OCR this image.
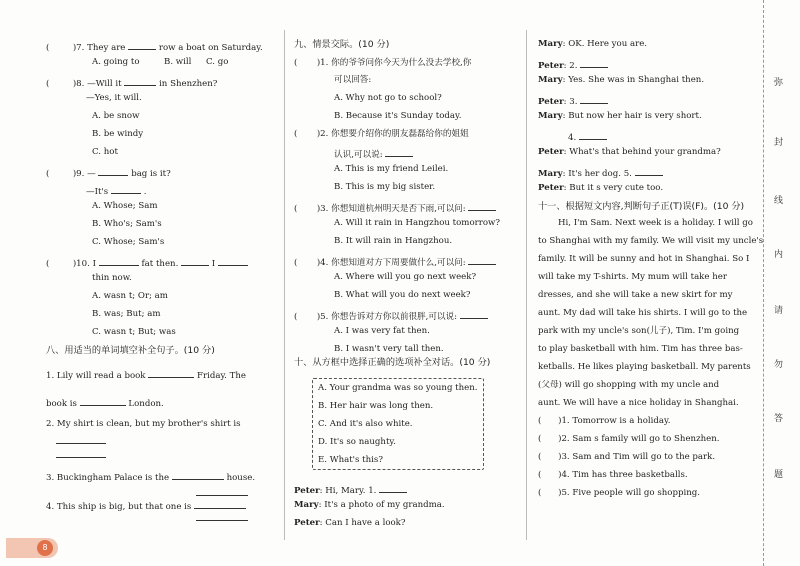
(	)7. They are	row a boat on Saturday.
A. going to	B. will C. go
(	)8. —Will it	in Shenzhen?
—Yes, it will.
A. be snow
B. be windy
C. hot
(	)9. —	bag is it?
—It's	.
A. Whose; Sam
B. Who's; Sam's
C. Whose; Sam's
(	)10. I	fat then.	I
thin now.
A. wasn t; Or; am
B. was; But; am
C. wasn t; But; was
八、用适当的单词填空补全句子。(10 分)
1. Lily will read a book	Friday. The
book is	London.
2. My shirt is clean, but my brother's shirt is

3. Buckingham Palace is the	house.
4. This ship is big, but that one is
8
九、情景交际。(10 分)
( )1. 你的爷爷问你今天为什么没去学校,你
可以回答:
A. Why not go to school?
B. Because it's Sunday today.
( )2. 你想要介绍你的朋友磊磊给你的姐姐
认识,可以说:
A. This is my friend Leilei.
B. This is my big sister.
( )3. 你想知道杭州明天是否下雨,可以问:
A. Will it rain in Hangzhou tomorrow?
B. It will rain in Hangzhou.
( )4. 你想知道对方下周要做什么,可以问:
A. Where will you go next week?
B. What will you do next week?
( )5. 你想告诉对方你以前很胖,可以说:
A. I was very fat then.
B. I wasn't very tall then.
十、从方框中选择正确的选项补全对话。(10 分)
A. Your grandma was so young then.
B. Her hair was long then.
C. And it's also white.
D. It's so naughty.
E. What's this?
Peter: Hi, Mary. 1.
Mary: It's a photo of my grandma.
Peter: Can I have a look?
Mary: OK. Here you are.
Peter: 2.
Mary: Yes. She was in Shanghai then.
Peter: 3.
Mary: But now her hair is very short.
4.
Peter: What's that behind your grandma?
Mary: It's her dog. 5.
Peter: But it s very cute too.
十一、根据短文内容,判断句子正(T)误(F)。(10 分)
Hi, I'm Sam. Next week is a holiday. I will go
to Shanghai with my family. We will visit my uncle's
family. It will be sunny and hot in Shanghai. So I
will take my T-shirts. My mum will take her
dresses, and she will take a new skirt for my
aunt. My dad will take his shirts. I will go to the
park with my uncle's son(儿子), Tim. I'm going
to play basketball with him. Tim has three bas-
ketballs. He likes playing basketball. My parents
(父母) will go shopping with my uncle and
aunt. We will have a nice holiday in Shanghai.
( )1. Tomorrow is a holiday.
( )2. Sam s family will go to Shenzhen.
( )3. Sam and Tim will go to the park.
( )4. Tim has three basketballs.
( )5. Five people will go shopping.
弥
封
线
内
请
勿
答
题
